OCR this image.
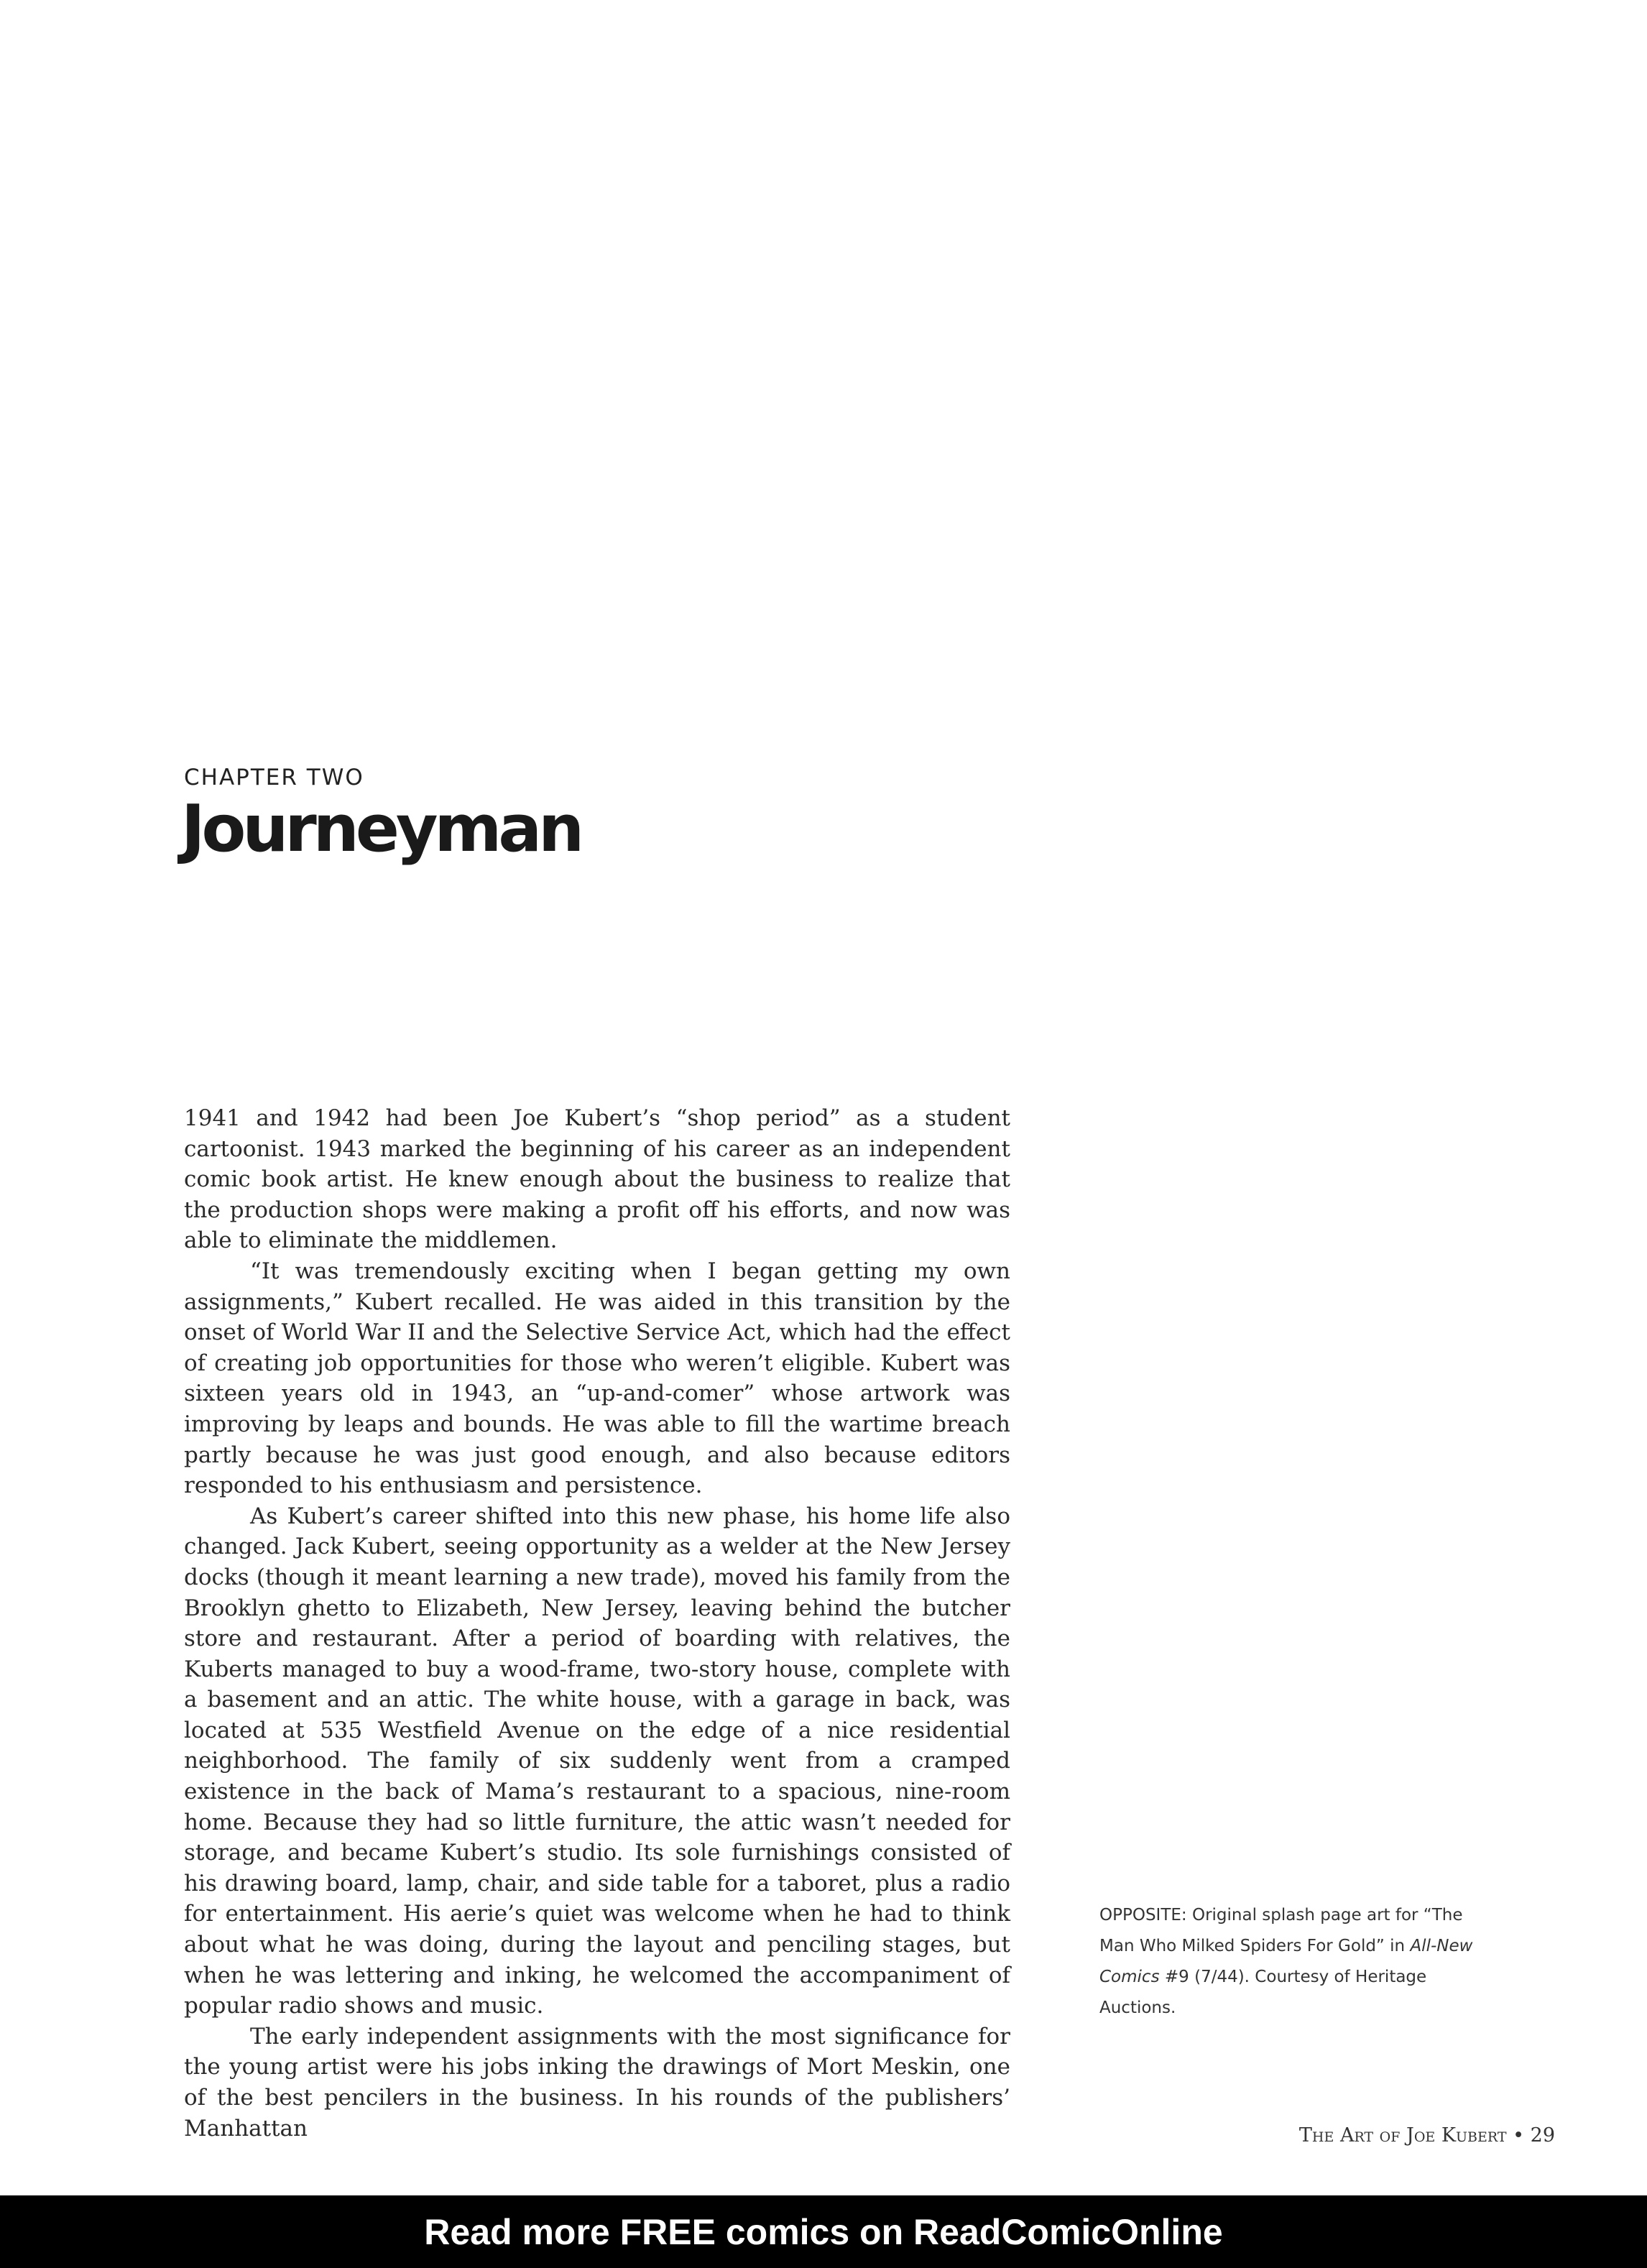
CHAPTER TWO
Journeyman

1941 and 1942 had been Joe Kubert’s “shop period” as a student cartoonist. 1943 marked the beginning of his career as an independent comic book artist. He knew enough about the business to realize that the production shops were making a profit off his efforts, and now was able to eliminate the middlemen.

“It was tremendously exciting when I began getting my own assignments,” Kubert recalled. He was aided in this transition by the onset of World War II and the Selective Service Act, which had the effect of creating job opportunities for those who weren’t eligible. Kubert was sixteen years old in 1943, an “up-and-comer” whose artwork was improving by leaps and bounds. He was able to fill the wartime breach partly because he was just good enough, and also because editors responded to his enthusiasm and persistence.

As Kubert’s career shifted into this new phase, his home life also changed. Jack Kubert, seeing opportunity as a welder at the New Jersey docks (though it meant learning a new trade), moved his family from the Brooklyn ghetto to Elizabeth, New Jersey, leaving behind the butcher store and restaurant. After a period of boarding with relatives, the Kuberts managed to buy a wood-frame, two-story house, complete with a basement and an attic. The white house, with a garage in back, was located at 535 Westfield Avenue on the edge of a nice residential neighborhood. The family of six suddenly went from a cramped existence in the back of Mama’s restaurant to a spacious, nine-room home. Because they had so little furniture, the attic wasn’t needed for storage, and became Kubert’s studio. Its sole furnishings consisted of his drawing board, lamp, chair, and side table for a taboret, plus a radio for entertainment. His aerie’s quiet was welcome when he had to think about what he was doing, during the layout and penciling stages, but when he was lettering and inking, he welcomed the accompaniment of popular radio shows and music.

The early independent assignments with the most significance for the young artist were his jobs inking the drawings of Mort Meskin, one of the best pencilers in the business. In his rounds of the publishers’ Manhattan

OPPOSITE: Original splash page art for “The Man Who Milked Spiders For Gold” in All-New Comics #9 (7/44). Courtesy of Heritage Auctions.

The Art of Joe Kubert • 29
Read more FREE comics on ReadComicOnline
